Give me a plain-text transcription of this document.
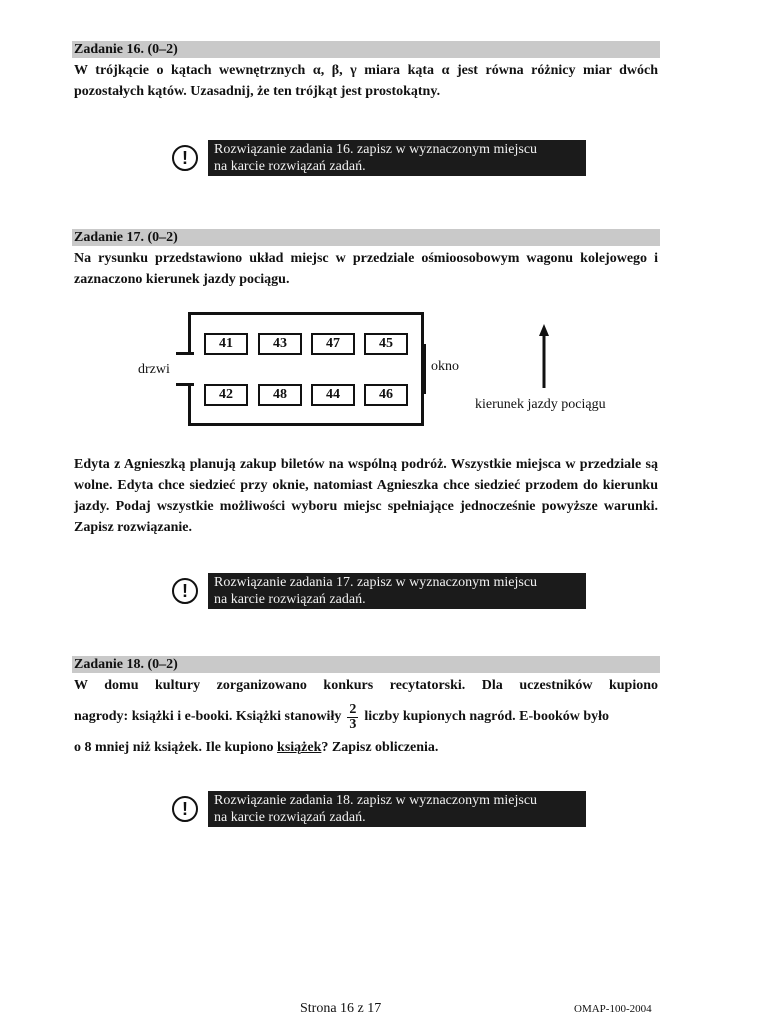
Zadanie 16. (0–2)
W trójkącie o kątach wewnętrznych α, β, γ miara kąta α jest równa różnicy miar dwóch pozostałych kątów. Uzasadnij, że ten trójkąt jest prostokątny.
!	Rozwiązanie zadania 16. zapisz w wyznaczonym miejscu
na karcie rozwiązań zadań.
Zadanie 17. (0–2)
Na rysunku przedstawiono układ miejsc w przedziale ośmioosobowym wagonu kolejowego i zaznaczono kierunek jazdy pociągu.
41	43	47	45
42	48	44	46
drzwi	okno
kierunek jazdy pociągu
Edyta z Agnieszką planują zakup biletów na wspólną podróż. Wszystkie miejsca w przedziale są wolne. Edyta chce siedzieć przy oknie, natomiast Agnieszka chce siedzieć przodem do kierunku jazdy. Podaj wszystkie możliwości wyboru miejsc spełniające jednocześnie powyższe warunki. Zapisz rozwiązanie.
!	Rozwiązanie zadania 17. zapisz w wyznaczonym miejscu
na karcie rozwiązań zadań.
Zadanie 18. (0–2)
W domu kultury zorganizowano konkurs recytatorski. Dla uczestników kupiono
nagrody: książki i e-booki. Książki stanowiły $\frac{2}{3}$ liczby kupionych nagród. E-booków było
o 8 mniej niż książek. Ile kupiono książek? Zapisz obliczenia.
!	Rozwiązanie zadania 18. zapisz w wyznaczonym miejscu
na karcie rozwiązań zadań.
Strona 16 z 17	OMAP-100-2004
